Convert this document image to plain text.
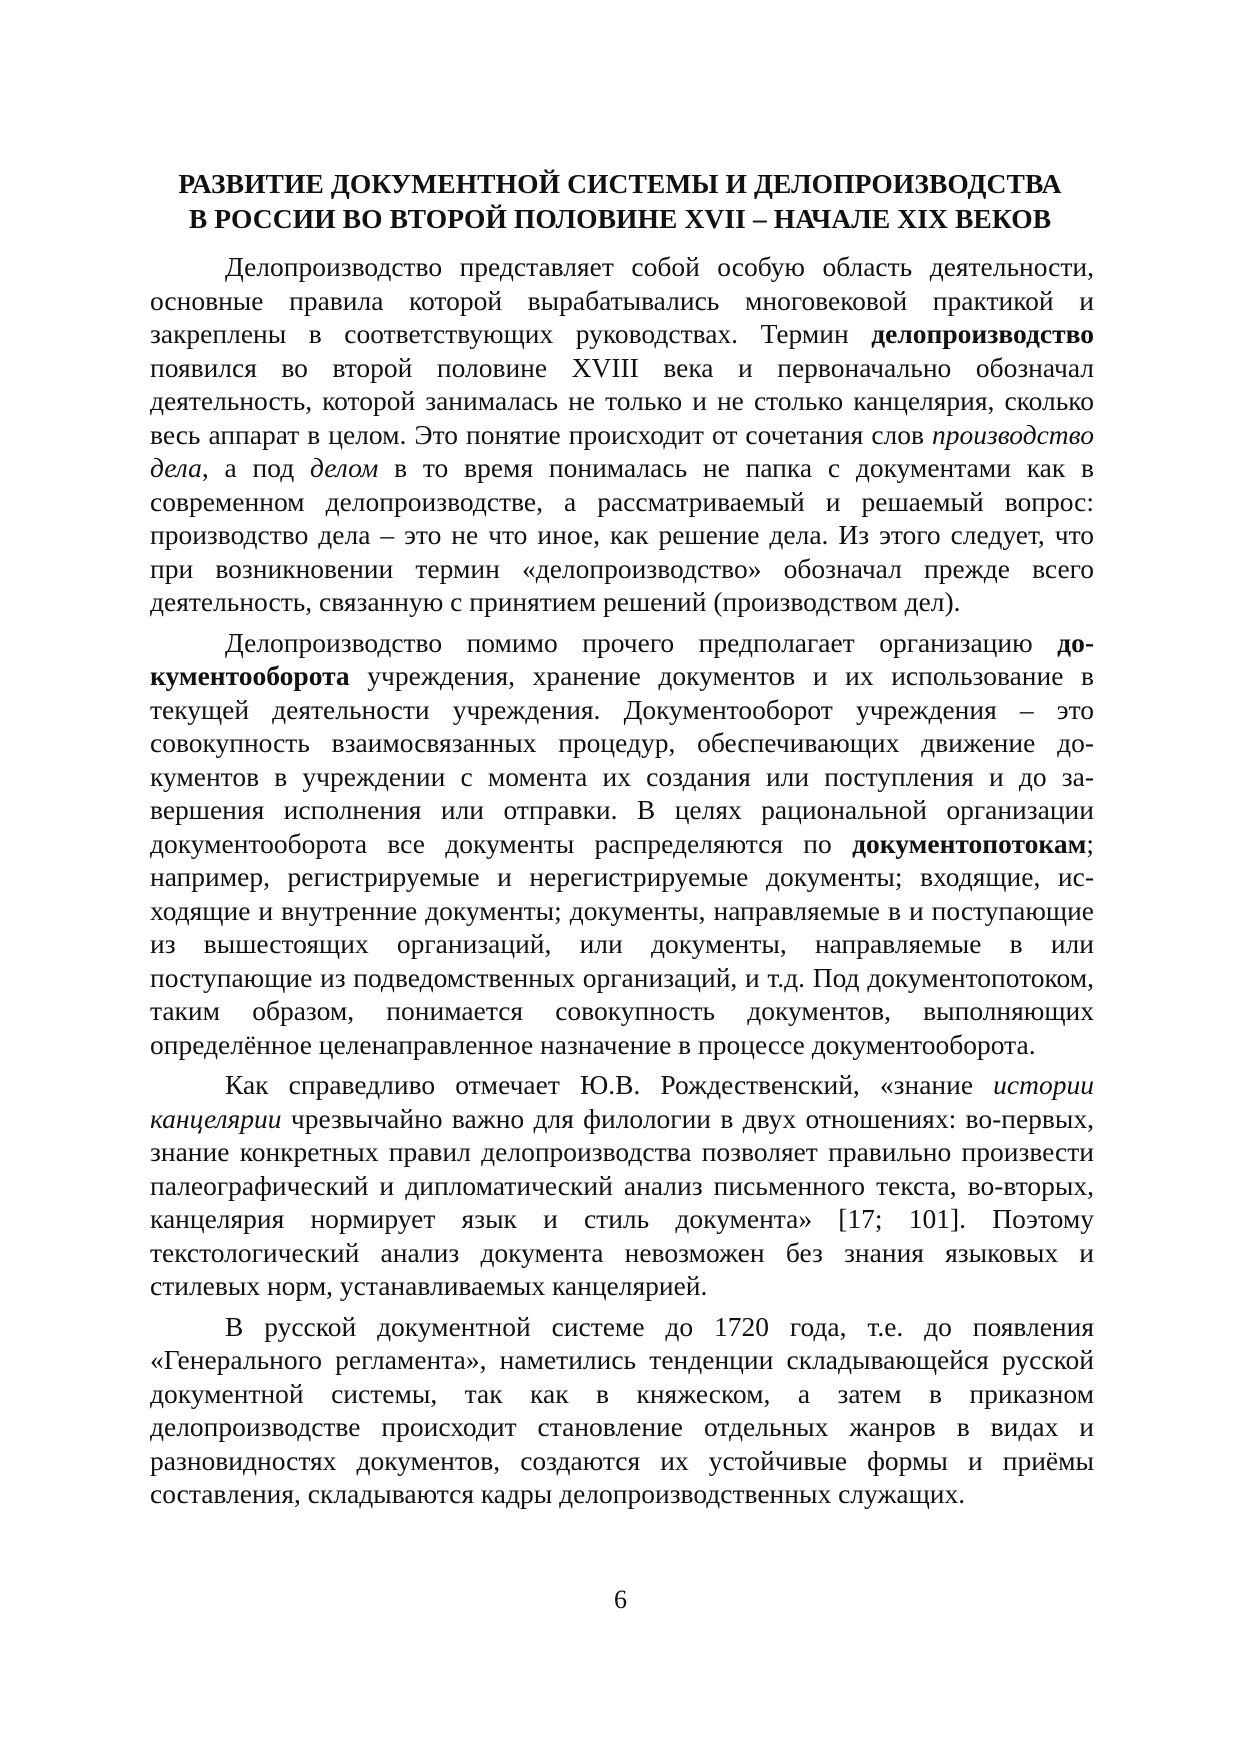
РАЗВИТИЕ ДОКУМЕНТНОЙ СИСТЕМЫ И ДЕЛОПРОИЗВОДСТВА
В РОССИИ ВО ВТОРОЙ ПОЛОВИНЕ XVII – НАЧАЛЕ XIX ВЕКОВ

Делопроизводство представляет собой особую область деятельности, основные правила которой вырабатывались многовековой практикой и закреплены в соответствующих руководствах. Термин делопроизводство появился во второй половине XVIII века и первоначально обозначал деятельность, которой занималась не только и не столько канцелярия, сколько весь аппарат в целом. Это понятие происходит от сочетания слов производство дела, а под делом в то время понималась не папка с документами как в современном делопроизводстве, а рассматриваемый и решаемый вопрос: производство дела – это не что иное, как решение дела. Из этого следует, что при возникновении термин «делопроизводство» обозначал прежде всего деятельность, связанную с принятием решений (производством дел).

Делопроизводство помимо прочего предполагает организацию документооборота учреждения, хранение документов и их использование в текущей деятельности учреждения. Документооборот учреждения – это совокупность взаимосвязанных процедур, обеспечивающих движение документов в учреждении с момента их создания или поступления и до завершения исполнения или отправки. В целях рациональной организации документооборота все документы распределяются по документопотокам; например, регистрируемые и нерегистрируемые документы; входящие, исходящие и внутренние документы; документы, направляемые в и поступающие из вышестоящих организаций, или документы, направляемые в или поступающие из подведомственных организаций, и т.д. Под документопотоком, таким образом, понимается совокупность документов, выполняющих определённое целенаправленное назначение в процессе документооборота.

Как справедливо отмечает Ю.В. Рождественский, «знание истории канцелярии чрезвычайно важно для филологии в двух отношениях: во-первых, знание конкретных правил делопроизводства позволяет правильно произвести палеографический и дипломатический анализ письменного текста, во-вторых, канцелярия нормирует язык и стиль документа» [17; 101]. Поэтому текстологический анализ документа невозможен без знания языковых и стилевых норм, устанавливаемых канцелярией.

В русской документной системе до 1720 года, т.е. до появления «Генерального регламента», наметились тенденции складывающейся русской документной системы, так как в княжеском, а затем в приказном делопроизводстве происходит становление отдельных жанров в видах и разновидностях документов, создаются их устойчивые формы и приёмы составления, складываются кадры делопроизводственных служащих.

6
